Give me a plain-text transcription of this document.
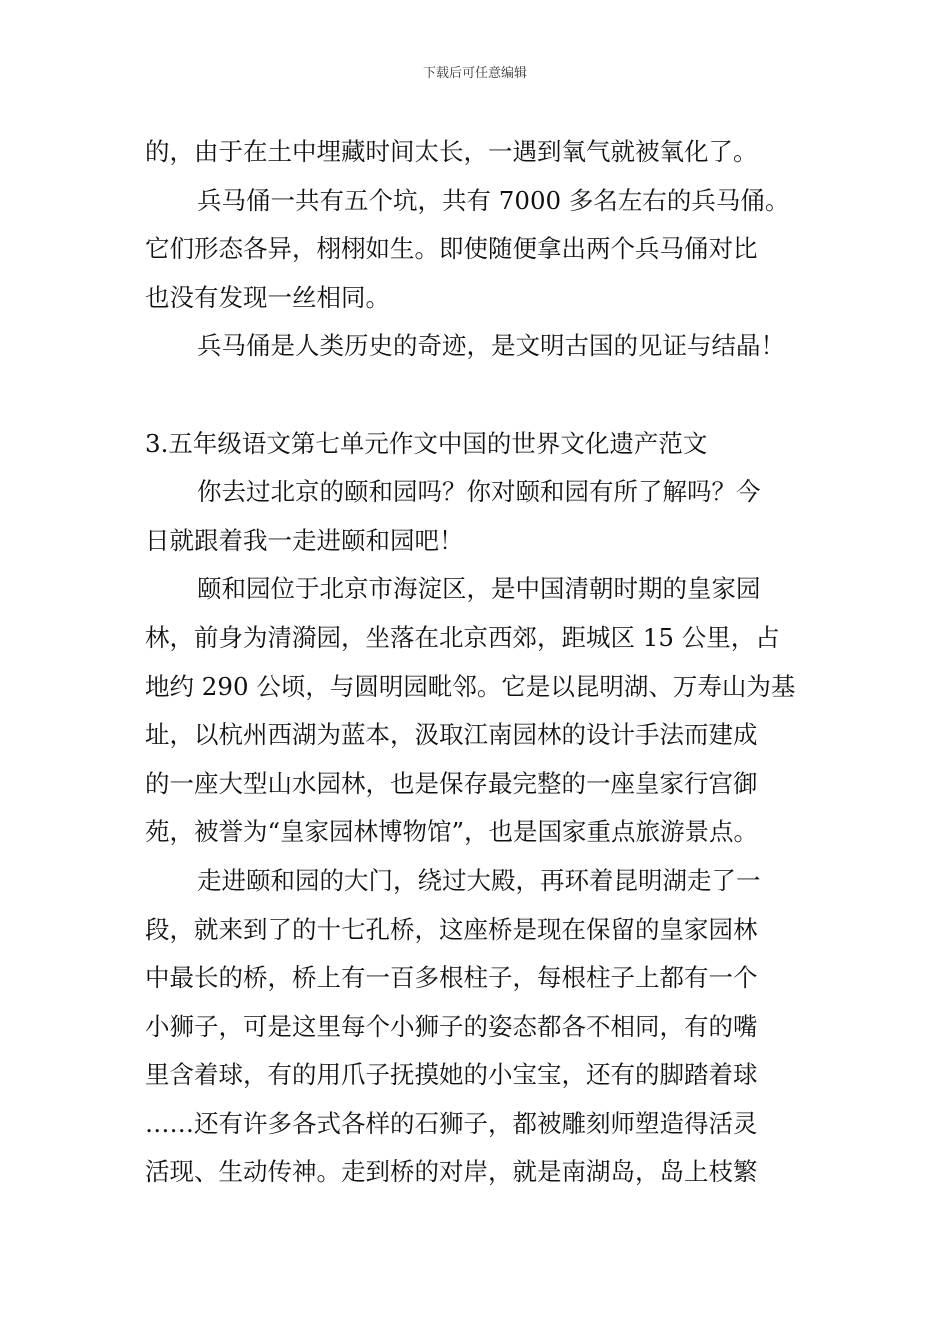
下载后可任意编辑
的，由于在土中埋藏时间太长，一遇到氧气就被氧化了。
兵马俑一共有五个坑，共有 7000 多名左右的兵马俑。
它们形态各异，栩栩如生。即使随便拿出两个兵马俑对比
也没有发现一丝相同。
兵马俑是人类历史的奇迹，是文明古国的见证与结晶！
3.五年级语文第七单元作文中国的世界文化遗产范文
你去过北京的颐和园吗？你对颐和园有所了解吗？今
日就跟着我一走进颐和园吧！
颐和园位于北京市海淀区，是中国清朝时期的皇家园
林，前身为清漪园，坐落在北京西郊，距城区 15 公里，占
地约 290 公顷，与圆明园毗邻。它是以昆明湖、万寿山为基
址，以杭州西湖为蓝本，汲取江南园林的设计手法而建成
的一座大型山水园林，也是保存最完整的一座皇家行宫御
苑，被誉为“皇家园林博物馆”，也是国家重点旅游景点。
走进颐和园的大门，绕过大殿，再环着昆明湖走了一
段，就来到了的十七孔桥，这座桥是现在保留的皇家园林
中最长的桥，桥上有一百多根柱子，每根柱子上都有一个
小狮子，可是这里每个小狮子的姿态都各不相同，有的嘴
里含着球，有的用爪子抚摸她的小宝宝，还有的脚踏着球
……还有许多各式各样的石狮子，都被雕刻师塑造得活灵
活现、生动传神。走到桥的对岸，就是南湖岛，岛上枝繁
